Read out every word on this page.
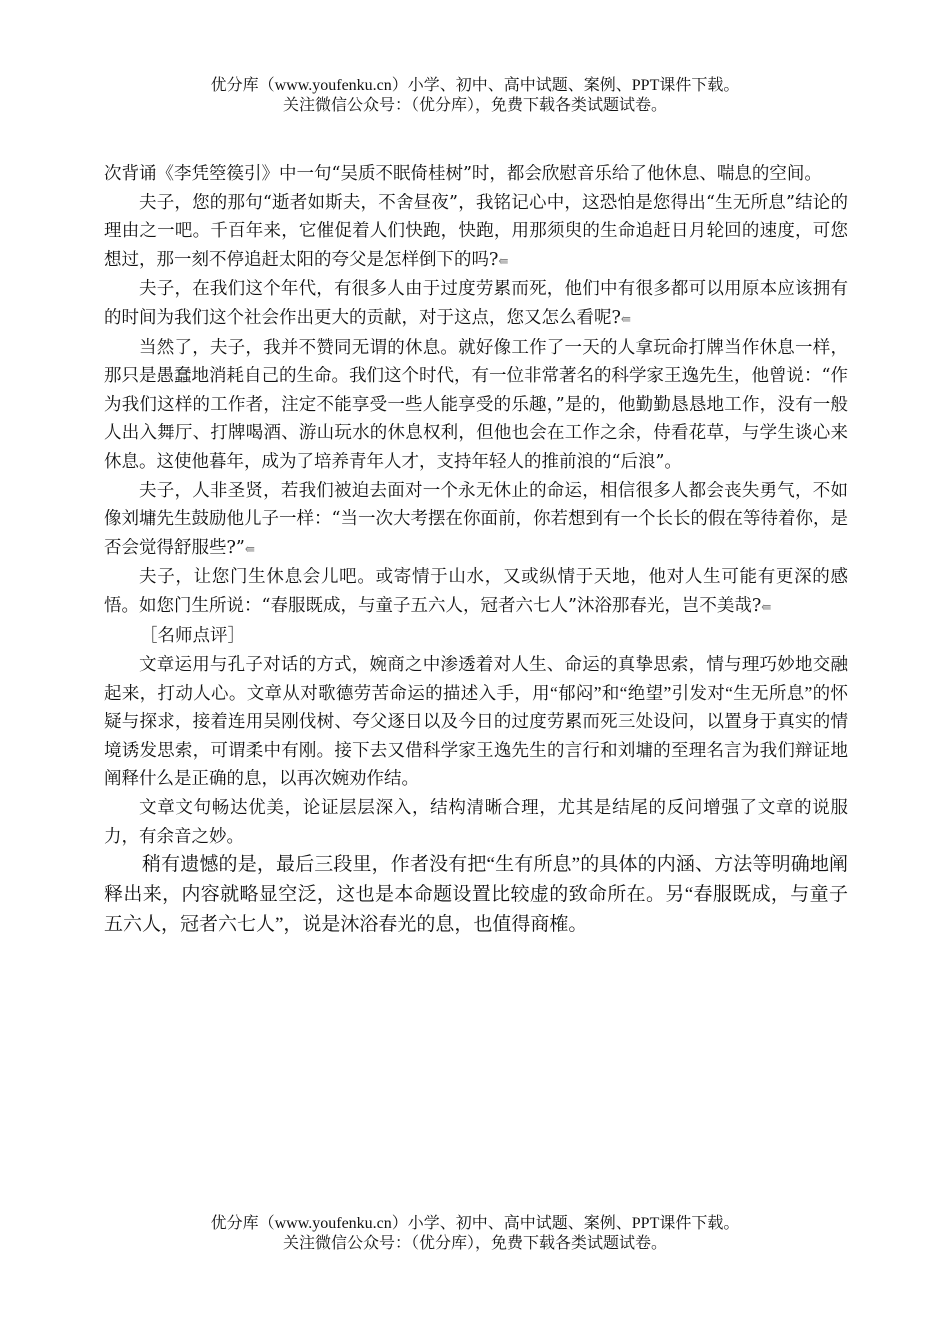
优分库（www.youfenku.cn）小学、初中、高中试题、案例、PPT课件下载。
关注微信公众号：（优分库），免费下载各类试题试卷。

次背诵《李凭箜篌引》中一句“吴质不眠倚桂树”时，都会欣慰音乐给了他休息、喘息的空间。

夫子，您的那句“逝者如斯夫，不舍昼夜”，我铭记心中，这恐怕是您得出“生无所息”结论的理由之一吧。千百年来，它催促着人们快跑，快跑，用那须臾的生命追赶日月轮回的速度，可您想过，那一刻不停追赶太阳的夸父是怎样倒下的吗?⇚

夫子，在我们这个年代，有很多人由于过度劳累而死，他们中有很多都可以用原本应该拥有的时间为我们这个社会作出更大的贡献，对于这点，您又怎么看呢?⇚

当然了，夫子，我并不赞同无谓的休息。就好像工作了一天的人拿玩命打牌当作休息一样，那只是愚蠢地消耗自己的生命。我们这个时代，有一位非常著名的科学家王逸先生，他曾说：“作为我们这样的工作者，注定不能享受一些人能享受的乐趣，”是的，他勤勤恳恳地工作，没有一般人出入舞厅、打牌喝酒、游山玩水的休息权利，但他也会在工作之余，侍看花草，与学生谈心来休息。这使他暮年，成为了培养青年人才，支持年轻人的推前浪的“后浪”。

夫子，人非圣贤，若我们被迫去面对一个永无休止的命运，相信很多人都会丧失勇气，不如像刘墉先生鼓励他儿子一样：“当一次大考摆在你面前，你若想到有一个长长的假在等待着你，是否会觉得舒服些?”⇚

夫子，让您门生休息会儿吧。或寄情于山水，又或纵情于天地，他对人生可能有更深的感悟。如您门生所说：“春服既成，与童子五六人，冠者六七人”沐浴那春光，岂不美哉?⇚

［名师点评］

文章运用与孔子对话的方式，婉商之中渗透着对人生、命运的真挚思索，情与理巧妙地交融起来，打动人心。文章从对歌德劳苦命运的描述入手，用“郁闷”和“绝望”引发对“生无所息”的怀疑与探求，接着连用吴刚伐树、夸父逐日以及今日的过度劳累而死三处设问，以置身于真实的情境诱发思索，可谓柔中有刚。接下去又借科学家王逸先生的言行和刘墉的至理名言为我们辩证地阐释什么是正确的息，以再次婉劝作结。

文章文句畅达优美，论证层层深入，结构清晰合理，尤其是结尾的反问增强了文章的说服力，有余音之妙。

稍有遗憾的是，最后三段里，作者没有把“生有所息”的具体的内涵、方法等明确地阐释出来，内容就略显空泛，这也是本命题设置比较虚的致命所在。另“春服既成，与童子五六人，冠者六七人”，说是沐浴春光的息，也值得商榷。

优分库（www.youfenku.cn）小学、初中、高中试题、案例、PPT课件下载。
关注微信公众号：（优分库），免费下载各类试题试卷。
